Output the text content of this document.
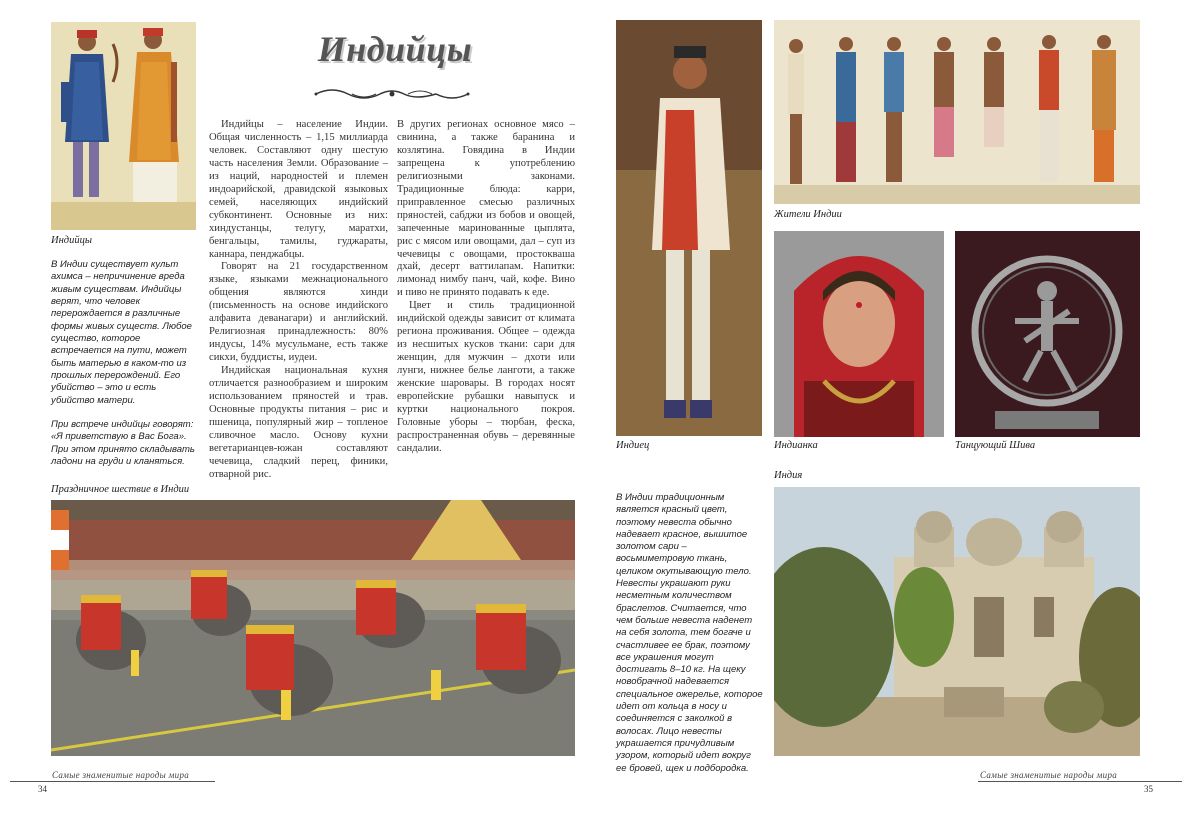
Индийцы

В Индии существует культ ахимса – непричинение вреда живым существам. Индийцы верят, что человек перерождается в различные формы живых существ. Любое существо, которое встречается на пути, может быть матерью в каком-то из прошлых перерождений. Его убийство – это и есть убийство матери.

При встрече индийцы говорят: «Я приветствую в Вас Бога». При этом принято складывать ладони на груди и кланяться.

Индийцы

Индийцы – население Индии. Общая численность – 1,15 миллиарда человек. Составляют одну шестую часть населения Земли. Образование – из наций, народностей и племен индоарийской, дравидской языковых семей, населяющих индийский субконтинент. Основные из них: хиндустанцы, телугу, маратхи, бенгальцы, тамилы, гуджараты, каннара, пенджабцы.

Говорят на 21 государственном языке, языками межнационального общения являются хинди (письменность на основе индийского алфавита деванагари) и английский. Религиозная принадлежность: 80% индусы, 14% мусульмане, есть также сикхи, буддисты, иудеи.

Индийская национальная кухня отличается разнообразием и широким использованием пряностей и трав. Основные продукты питания – рис и пшеница, популярный жир – топленое сливочное масло. Основу кухни вегетарианцев-южан составляют чечевица, сладкий перец, финики, отварной рис.

В других регионах основное мясо – свинина, а также баранина и козлятина. Говядина в Индии запрещена к употреблению религиозными законами. Традиционные блюда: карри, приправленное смесью различных пряностей, сабджи из бобов и овощей, запеченные маринованные цыплята, рис с мясом или овощами, дал – суп из чечевицы с овощами, простокваша дхай, десерт ваттилапам. Напитки: лимонад нимбу панч, чай, кофе. Вино и пиво не принято подавать к еде.

Цвет и стиль традиционной индийской одежды зависит от климата региона проживания. Общее – одежда из несшитых кусков ткани: сари для женщин, для мужчин – дхоти или лунги, нижнее белье ланготи, а также женские шаровары. В городах носят европейские рубашки навыпуск и куртки национального покроя. Головные уборы – тюрбан, феска, распространенная обувь – деревянные сандалии.

Праздничное шествие в Индии
Самые знаменитые народы мира
34
Индиец
Жители Индии
Индианка	Танцующий Шива
Индия
В Индии традиционным является красный цвет, поэтому невеста обычно надевает красное, вышитое золотом сари – восьмиметровую ткань, целиком окутывающую тело. Невесты украшают руки несметным количеством браслетов. Считается, что чем больше невеста наденет на себя золота, тем богаче и счастливее ее брак, поэтому все украшения могут достигать 8–10 кг. На щеку новобрачной надевается специальное ожерелье, которое идет от кольца в носу и соединяется с заколкой в волосах. Лицо невесты украшается причудливым узором, который идет вокруг ее бровей, щек и подбородка.
Самые знаменитые народы мира
35
